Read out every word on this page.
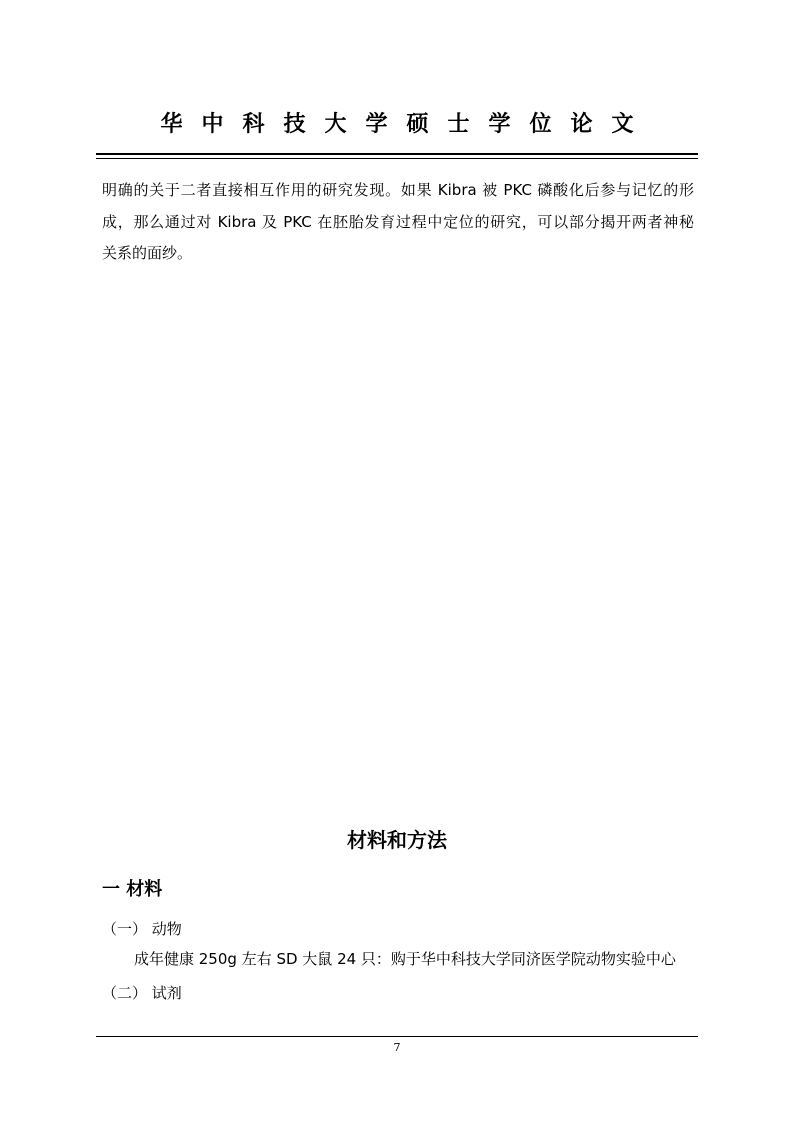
华中科技大学硕士学位论文
明确的关于二者直接相互作用的研究发现。如果 Kibra 被 PKC 磷酸化后参与记忆的形
成，那么通过对 Kibra 及 PKC 在胚胎发育过程中定位的研究，可以部分揭开两者神秘
关系的面纱。
材料和方法
一 材料
（一） 动物
成年健康 250g 左右 SD 大鼠 24 只：购于华中科技大学同济医学院动物实验中心
（二） 试剂
7
